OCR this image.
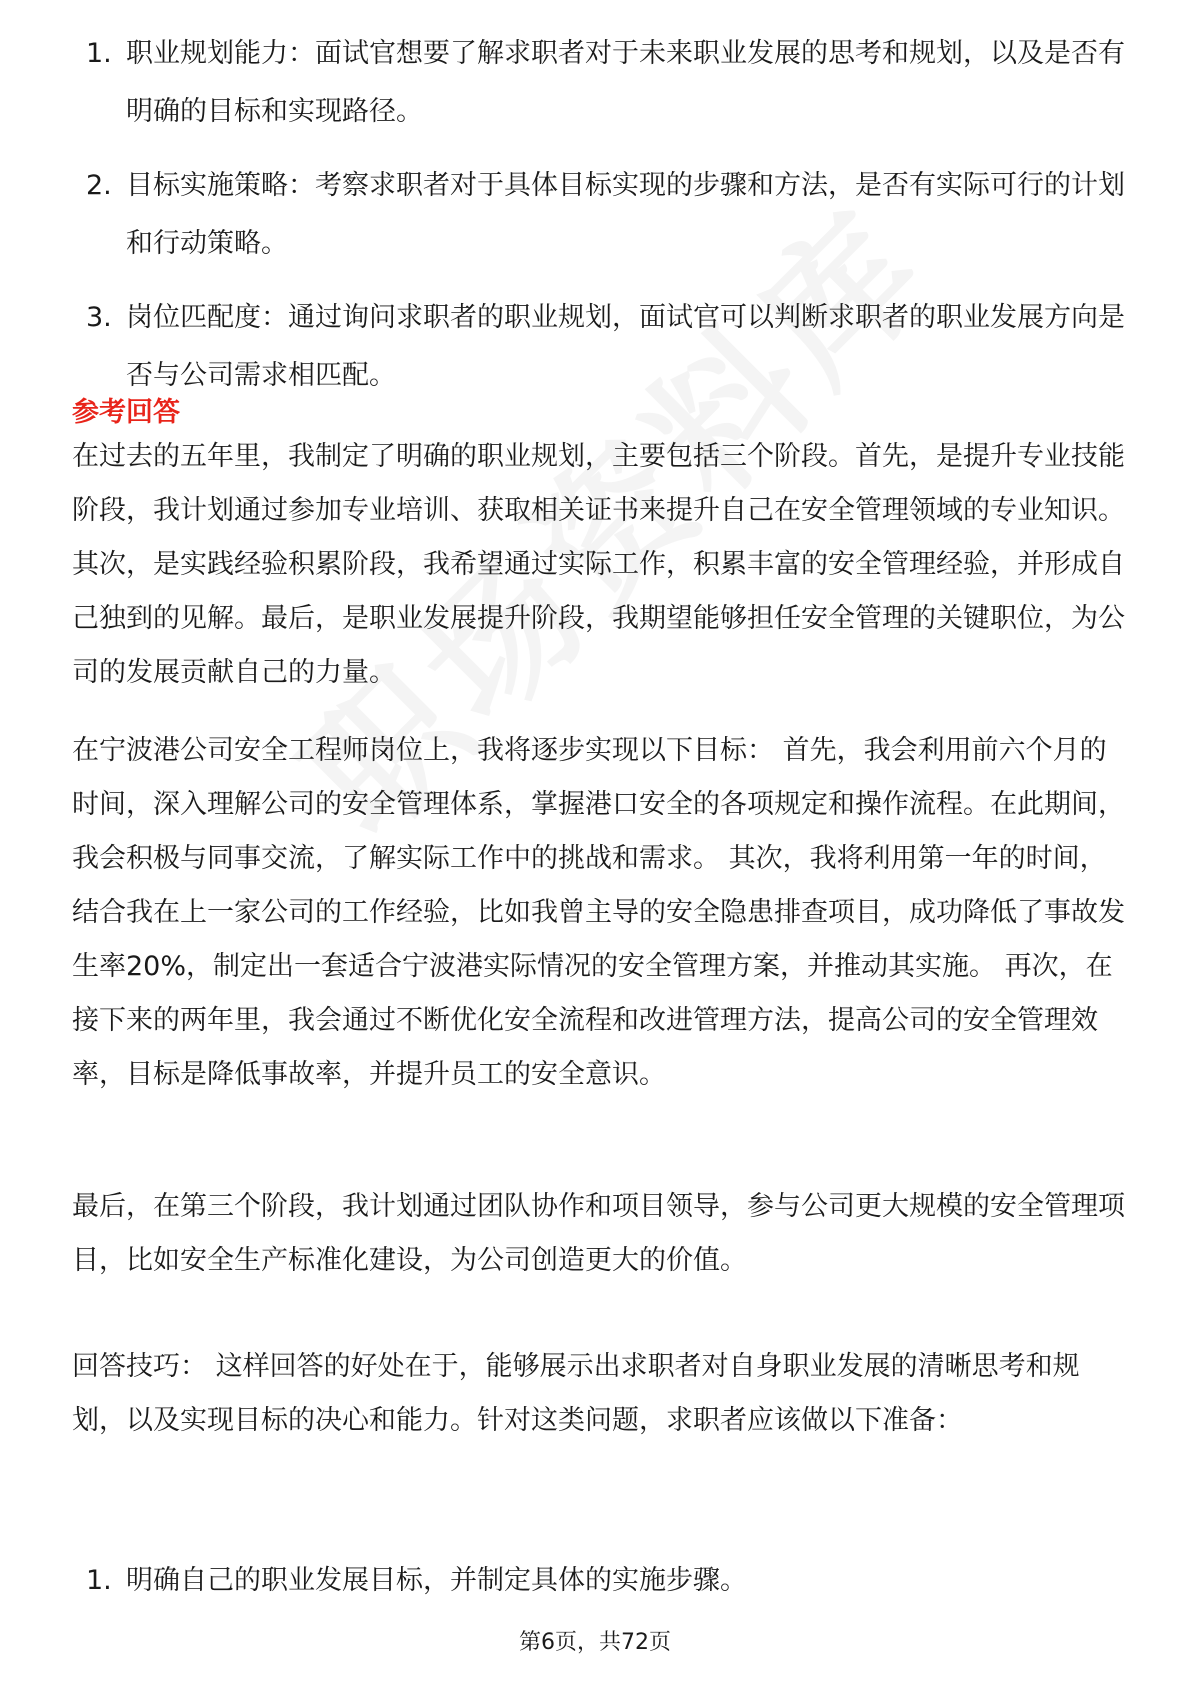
1. 职业规划能力：面试官想要了解求职者对于未来职业发展的思考和规划，以及是否有明确的目标和实现路径。
2. 目标实施策略：考察求职者对于具体目标实现的步骤和方法，是否有实际可行的计划和行动策略。
3. 岗位匹配度：通过询问求职者的职业规划，面试官可以判断求职者的职业发展方向是否与公司需求相匹配。
参考回答

在过去的五年里，我制定了明确的职业规划，主要包括三个阶段。首先，是提升专业技能阶段，我计划通过参加专业培训、获取相关证书来提升自己在安全管理领域的专业知识。其次，是实践经验积累阶段，我希望通过实际工作，积累丰富的安全管理经验，并形成自己独到的见解。最后，是职业发展提升阶段，我期望能够担任安全管理的关键职位，为公司的发展贡献自己的力量。

在宁波港公司安全工程师岗位上，我将逐步实现以下目标： 首先，我会利用前六个月的时间，深入理解公司的安全管理体系，掌握港口安全的各项规定和操作流程。在此期间，我会积极与同事交流，了解实际工作中的挑战和需求。 其次，我将利用第一年的时间，结合我在上一家公司的工作经验，比如我曾主导的安全隐患排查项目，成功降低了事故发生率20%，制定出一套适合宁波港实际情况的安全管理方案，并推动其实施。 再次，在接下来的两年里，我会通过不断优化安全流程和改进管理方法，提高公司的安全管理效率，目标是降低事故率，并提升员工的安全意识。

最后，在第三个阶段，我计划通过团队协作和项目领导，参与公司更大规模的安全管理项目，比如安全生产标准化建设，为公司创造更大的价值。

回答技巧： 这样回答的好处在于，能够展示出求职者对自身职业发展的清晰思考和规划，以及实现目标的决心和能力。针对这类问题，求职者应该做以下准备：

1. 明确自己的职业发展目标，并制定具体的实施步骤。
第6页，共72页
